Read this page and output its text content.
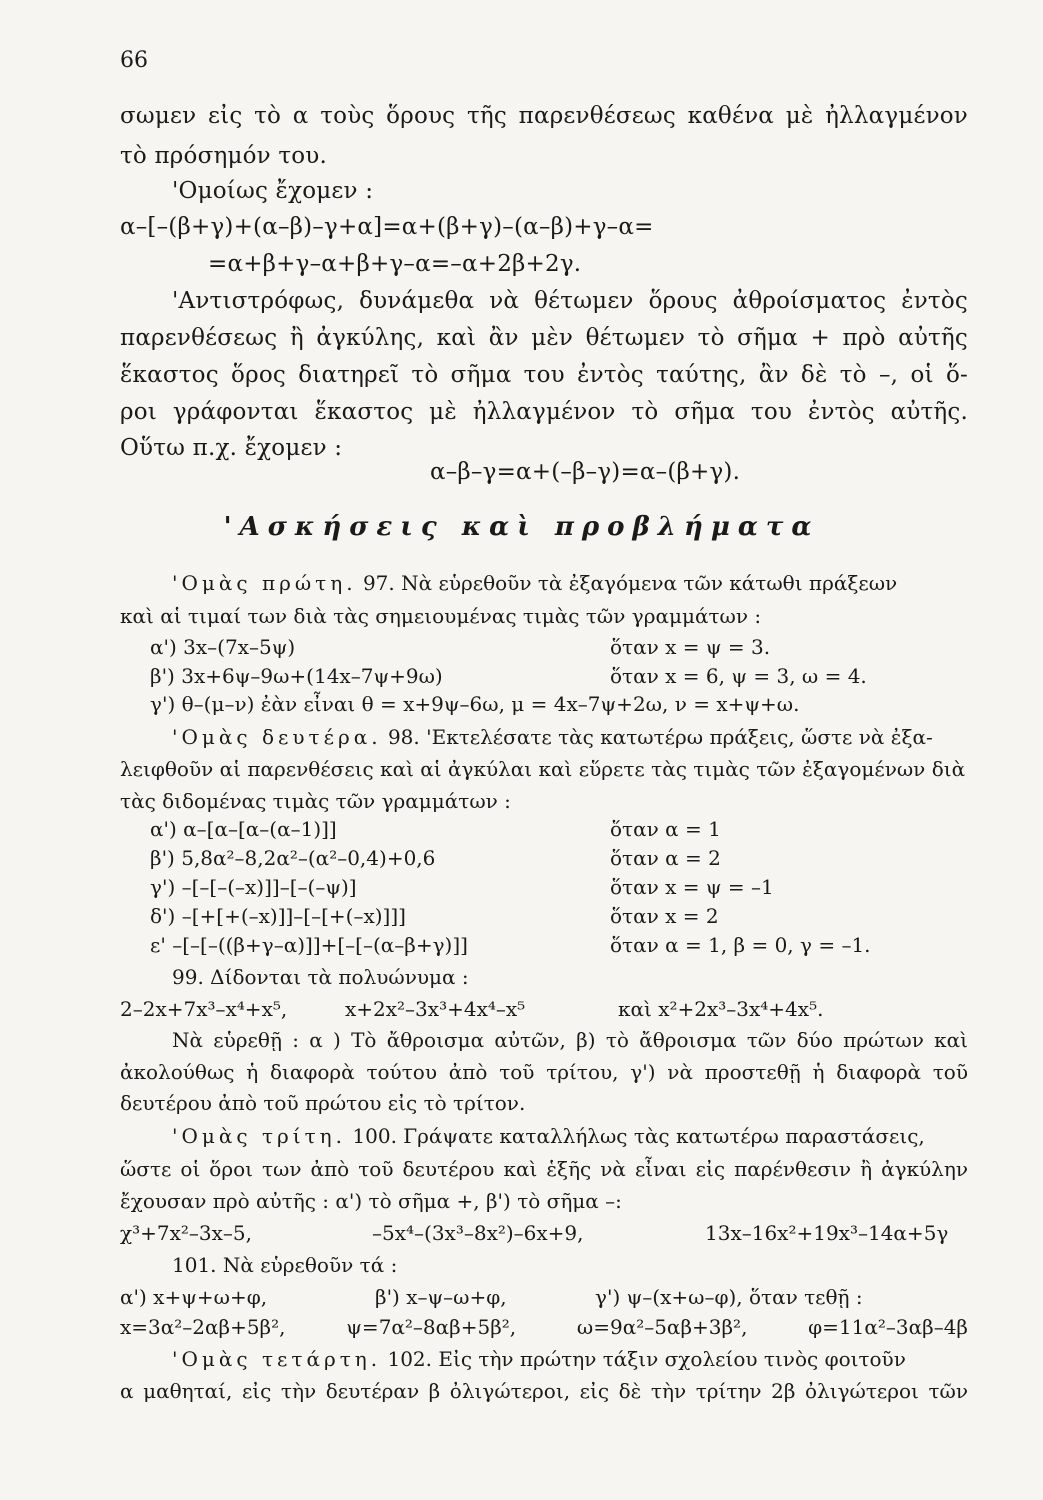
66
σωμεν εἰς τὸ α τοὺς ὅρους τῆς παρενθέσεως καθένα μὲ ἠλλαγμένον
τὸ πρόσημόν του.
'Ομοίως ἔχομεν :
α–[–(β+γ)+(α–β)–γ+α]=α+(β+γ)–(α–β)+γ–α=
=α+β+γ–α+β+γ–α=–α+2β+2γ.
'Αντιστρόφως, δυνάμεθα νὰ θέτωμεν ὅρους ἀθροίσματος ἐντὸς
παρενθέσεως ἢ ἀγκύλης, καὶ ἂν μὲν θέτωμεν τὸ σῆμα + πρὸ αὐτῆς
ἕκαστος ὅρος διατηρεῖ τὸ σῆμα του ἐντὸς ταύτης, ἂν δὲ τὸ –, οἱ ὅ-
ροι γράφονται ἕκαστος μὲ ἠλλαγμένον τὸ σῆμα του ἐντὸς αὐτῆς.
Οὕτω π.χ. ἔχομεν :
α–β–γ=α+(–β–γ)=α–(β+γ).
'Ασκήσεις καὶ προβλήματα
'Ομὰς πρώτη. 97. Νὰ εὑρεθοῦν τὰ ἐξαγόμενα τῶν κάτωθι πράξεων
καὶ αἱ τιμαί των διὰ τὰς σημειουμένας τιμὰς τῶν γραμμάτων :
α') 3x–(7x–5ψ)	ὅταν x = ψ = 3.
β') 3x+6ψ–9ω+(14x–7ψ+9ω)	ὅταν x = 6, ψ = 3, ω = 4.
γ') θ–(μ–ν) ἐὰν εἶναι θ = x+9ψ–6ω, μ = 4x–7ψ+2ω, ν = x+ψ+ω.
'Ομὰς δευτέρα. 98. 'Εκτελέσατε τὰς κατωτέρω πράξεις, ὥστε νὰ ἐξα-
λειφθοῦν αἱ παρενθέσεις καὶ αἱ ἀγκύλαι καὶ εὕρετε τὰς τιμὰς τῶν ἐξαγομένων διὰ
τὰς διδομένας τιμὰς τῶν γραμμάτων :
α') α–[α–[α–(α–1)]]	ὅταν α = 1
β') 5,8α²–8,2α²–(α²–0,4)+0,6	ὅταν α = 2
γ') –[–[–(–x)]]–[–(–ψ)]	ὅταν x = ψ = –1
δ') –[+[+(–x)]]–[–[+(–x)]]]	ὅταν x = 2
ε' –[–[–((β+γ–α)]]+[–[–(α–β+γ)]]	ὅταν α = 1, β = 0, γ = –1.
99. Δίδονται τὰ πολυώνυμα :
2–2x+7x³–x⁴+x⁵,	x+2x²–3x³+4x⁴–x⁵	καὶ x²+2x³–3x⁴+4x⁵.
Νὰ εὑρεθῇ : α ) Τὸ ἄθροισμα αὐτῶν, β) τὸ ἄθροισμα τῶν δύο πρώτων καὶ
ἀκολούθως ἡ διαφορὰ τούτου ἀπὸ τοῦ τρίτου, γ') νὰ προστεθῇ ἡ διαφορὰ τοῦ
δευτέρου ἀπὸ τοῦ πρώτου εἰς τὸ τρίτον.
'Ομὰς τρίτη. 100. Γράψατε καταλλήλως τὰς κατωτέρω παραστάσεις,
ὥστε οἱ ὅροι των ἀπὸ τοῦ δευτέρου καὶ ἑξῆς νὰ εἶναι εἰς παρένθεσιν ἢ ἀγκύλην
ἔχουσαν πρὸ αὐτῆς : α') τὸ σῆμα +, β') τὸ σῆμα –:
χ³+7x²–3x–5,	–5x⁴–(3x³–8x²)–6x+9,	13x–16x²+19x³–14α+5γ
101. Νὰ εὑρεθοῦν τά :
α') x+ψ+ω+φ,	β') x–ψ–ω+φ,	γ') ψ–(x+ω–φ), ὅταν τεθῇ :
x=3α²–2αβ+5β², ψ=7α²–8αβ+5β², ω=9α²–5αβ+3β², φ=11α²–3αβ–4β
'Ομὰς τετάρτη. 102. Εἰς τὴν πρώτην τάξιν σχολείου τινὸς φοιτοῦν
α μαθηταί, εἰς τὴν δευτέραν β ὀλιγώτεροι, εἰς δὲ τὴν τρίτην 2β ὀλιγώτεροι τῶν
